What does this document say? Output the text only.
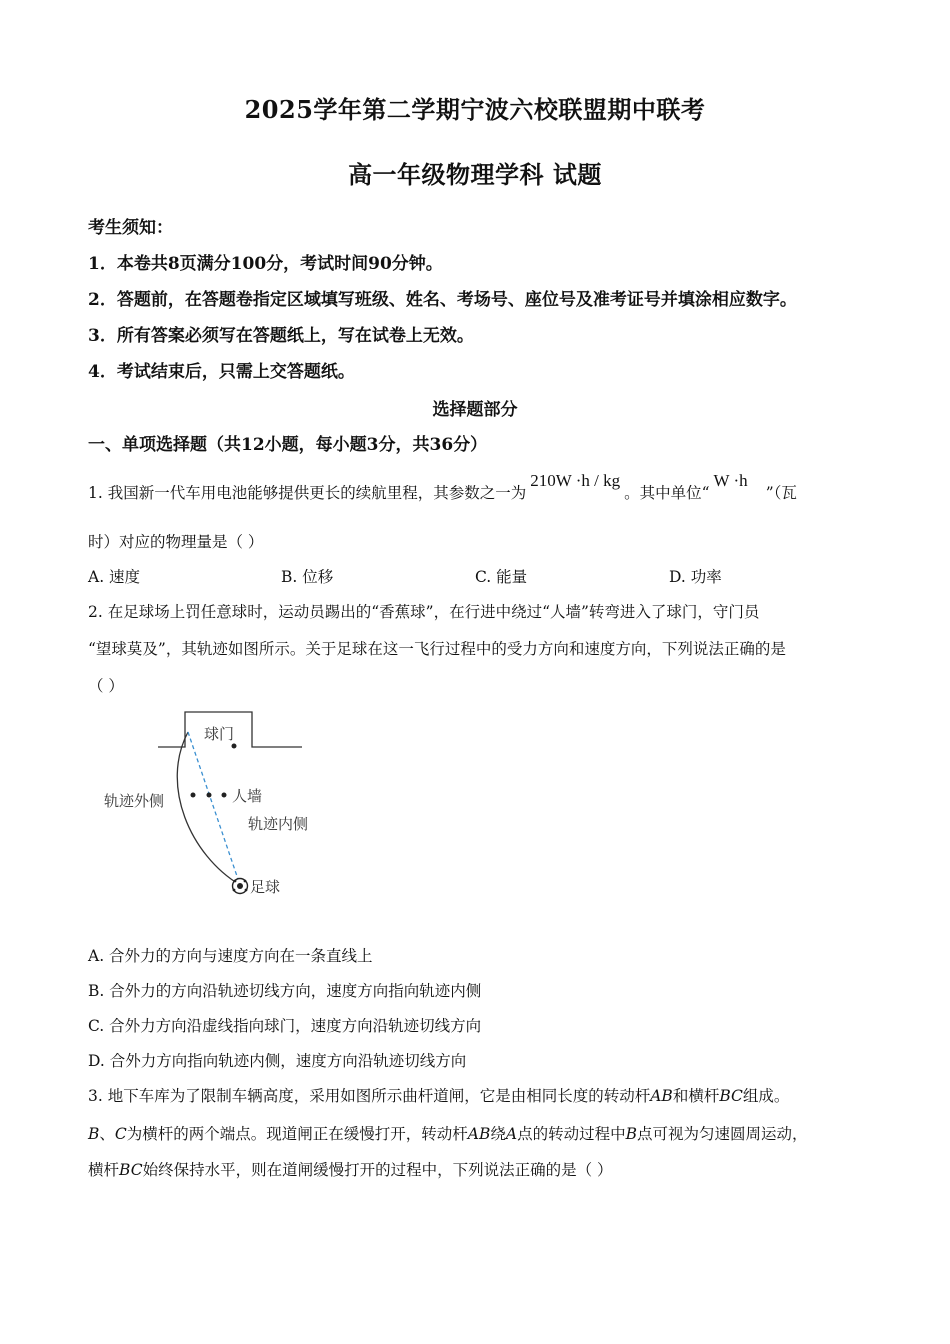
2025学年第二学期宁波六校联盟期中联考
高一年级物理学科 试题
考生须知：
1．本卷共8页满分100分，考试时间90分钟。
2．答题前，在答题卷指定区域填写班级、姓名、考场号、座位号及准考证号并填涂相应数字。
3．所有答案必须写在答题纸上，写在试卷上无效。
4．考试结束后，只需上交答题纸。
选择题部分
一、单项选择题（共12小题，每小题3分，共36分）
1. 我国新一代车用电池能够提供更长的续航里程，其参数之一为210W ·h / kg。其中单位“W ·h”（瓦
时）对应的物理量是（ ）
A. 速度	B. 位移	C. 能量	D. 功率
2. 在足球场上罚任意球时，运动员踢出的“香蕉球”，在行进中绕过“人墙”转弯进入了球门，守门员
“望球莫及”，其轨迹如图所示。关于足球在这一飞行过程中的受力方向和速度方向，下列说法正确的是
（ ）
球门
人墙
轨迹外侧
轨迹内侧
足球
A. 合外力的方向与速度方向在一条直线上
B. 合外力的方向沿轨迹切线方向，速度方向指向轨迹内侧
C. 合外力方向沿虚线指向球门，速度方向沿轨迹切线方向
D. 合外力方向指向轨迹内侧，速度方向沿轨迹切线方向
3. 地下车库为了限制车辆高度，采用如图所示曲杆道闸，它是由相同长度的转动杆AB和横杆BC组成。
B、C为横杆的两个端点。现道闸正在缓慢打开，转动杆AB绕A点的转动过程中B点可视为匀速圆周运动，
横杆BC始终保持水平，则在道闸缓慢打开的过程中，下列说法正确的是（ ）
